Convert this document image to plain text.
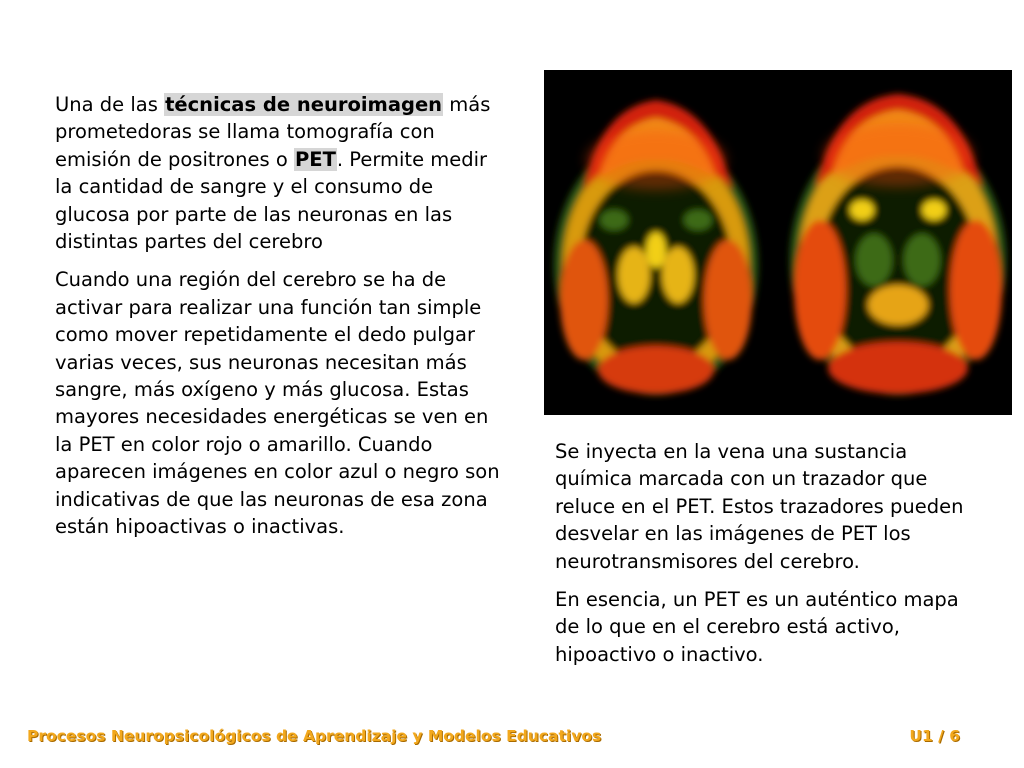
Una de las técnicas de neuroimagen más prometedoras se llama tomografía con emisión de positrones o PET. Permite medir la cantidad de sangre y el consumo de glucosa por parte de las neuronas en las distintas partes del cerebro

Cuando una región del cerebro se ha de activar para realizar una función tan simple como mover repetidamente el dedo pulgar varias veces, sus neuronas necesitan más sangre, más oxígeno y más glucosa. Estas mayores necesidades energéticas se ven en la PET en color rojo o amarillo. Cuando aparecen imágenes en color azul o negro son indicativas de que las neuronas de esa zona están hipoactivas o inactivas.

Se inyecta en la vena una sustancia química marcada con un trazador que reluce en el PET. Estos trazadores pueden desvelar en las imágenes de PET los neurotransmisores del cerebro.

En esencia, un PET es un auténtico mapa de lo que en el cerebro está activo, hipoactivo o inactivo.

Procesos Neuropsicológicos de Aprendizaje y Modelos Educativos	U1 / 6
